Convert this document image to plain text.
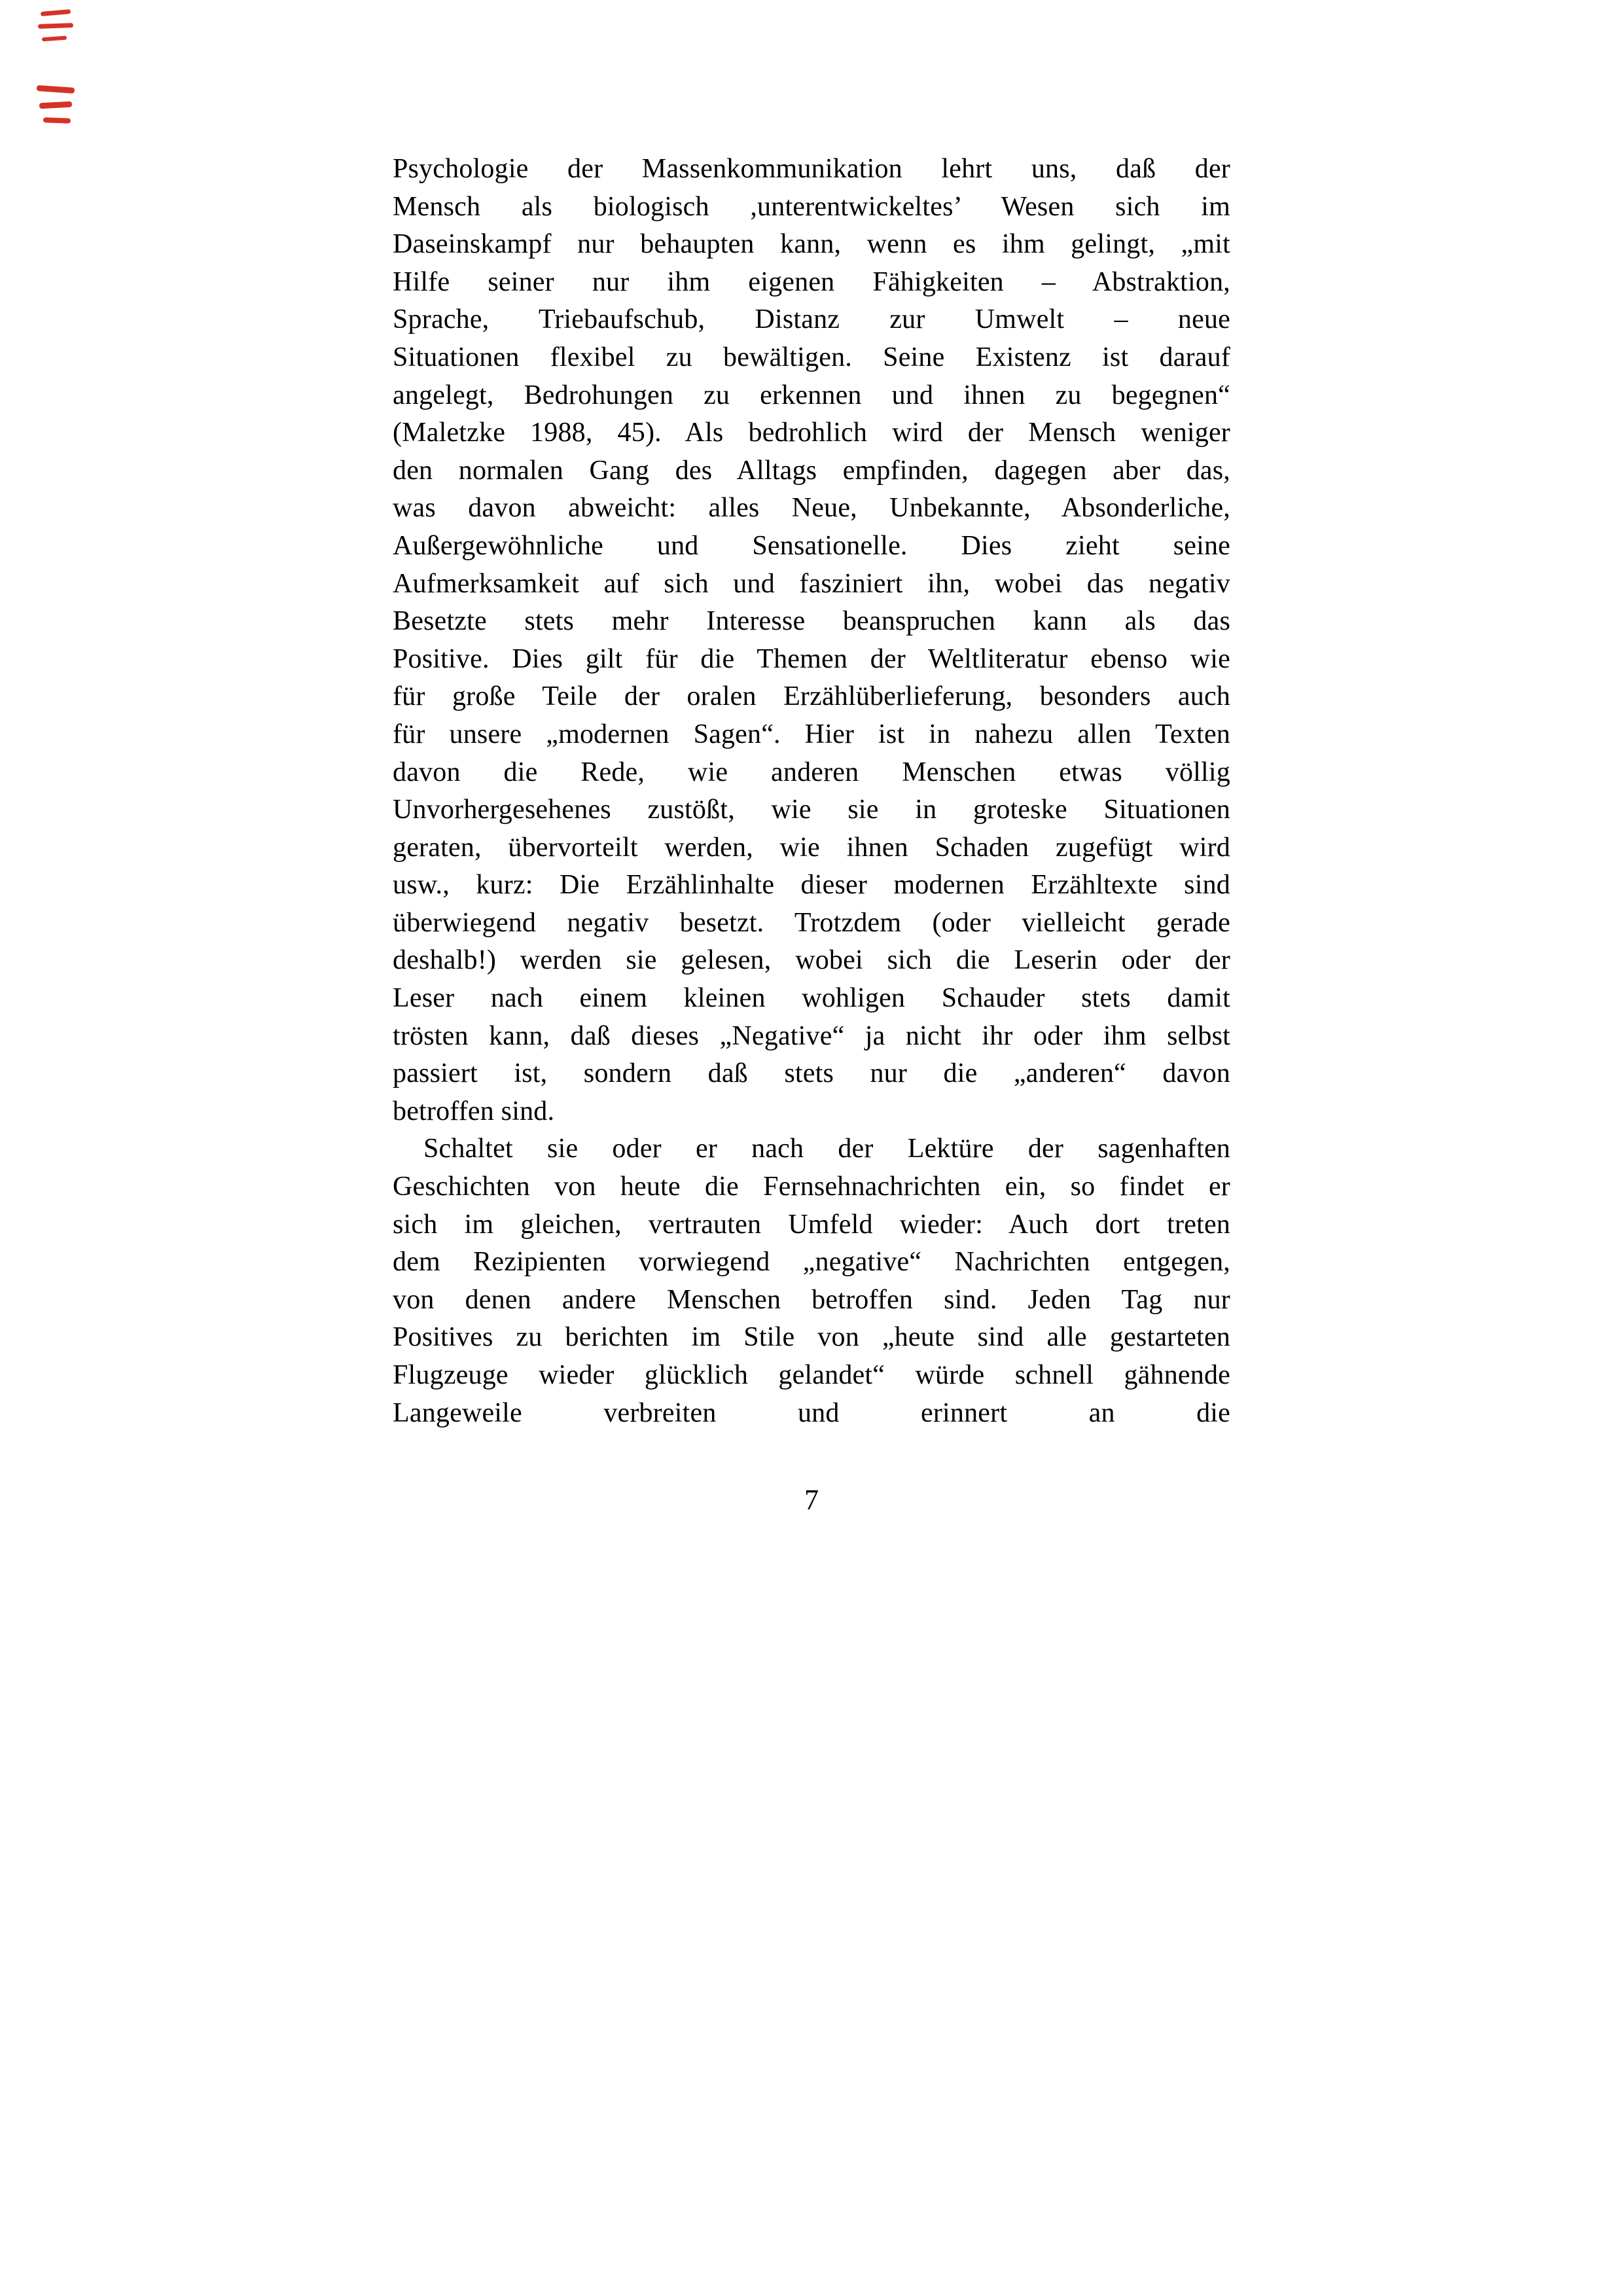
Psychologie der Massenkommunikation lehrt uns, daß der
Mensch als biologisch ,unterentwickeltes’ Wesen sich im
Daseinskampf nur behaupten kann, wenn es ihm gelingt, „mit
Hilfe seiner nur ihm eigenen Fähigkeiten – Abstraktion,
Sprache, Triebaufschub, Distanz zur Umwelt – neue
Situationen flexibel zu bewältigen. Seine Existenz ist darauf
angelegt, Bedrohungen zu erkennen und ihnen zu begegnen“
(Maletzke 1988, 45). Als bedrohlich wird der Mensch weniger
den normalen Gang des Alltags empfinden, dagegen aber das,
was davon abweicht: alles Neue, Unbekannte, Absonderliche,
Außergewöhnliche und Sensationelle. Dies zieht seine
Aufmerksamkeit auf sich und fasziniert ihn, wobei das negativ
Besetzte stets mehr Interesse beanspruchen kann als das
Positive. Dies gilt für die Themen der Weltliteratur ebenso wie
für große Teile der oralen Erzählüberlieferung, besonders auch
für unsere „modernen Sagen“. Hier ist in nahezu allen Texten
davon die Rede, wie anderen Menschen etwas völlig
Unvorhergesehenes zustößt, wie sie in groteske Situationen
geraten, übervorteilt werden, wie ihnen Schaden zugefügt wird
usw., kurz: Die Erzählinhalte dieser modernen Erzähltexte sind
überwiegend negativ besetzt. Trotzdem (oder vielleicht gerade
deshalb!) werden sie gelesen, wobei sich die Leserin oder der
Leser nach einem kleinen wohligen Schauder stets damit
trösten kann, daß dieses „Negative“ ja nicht ihr oder ihm selbst
passiert ist, sondern daß stets nur die „anderen“ davon
betroffen sind.
Schaltet sie oder er nach der Lektüre der sagenhaften
Geschichten von heute die Fernsehnachrichten ein, so findet er
sich im gleichen, vertrauten Umfeld wieder: Auch dort treten
dem Rezipienten vorwiegend „negative“ Nachrichten entgegen,
von denen andere Menschen betroffen sind. Jeden Tag nur
Positives zu berichten im Stile von „heute sind alle gestarteten
Flugzeuge wieder glücklich gelandet“ würde schnell gähnende
Langeweile verbreiten und erinnert an die
7
